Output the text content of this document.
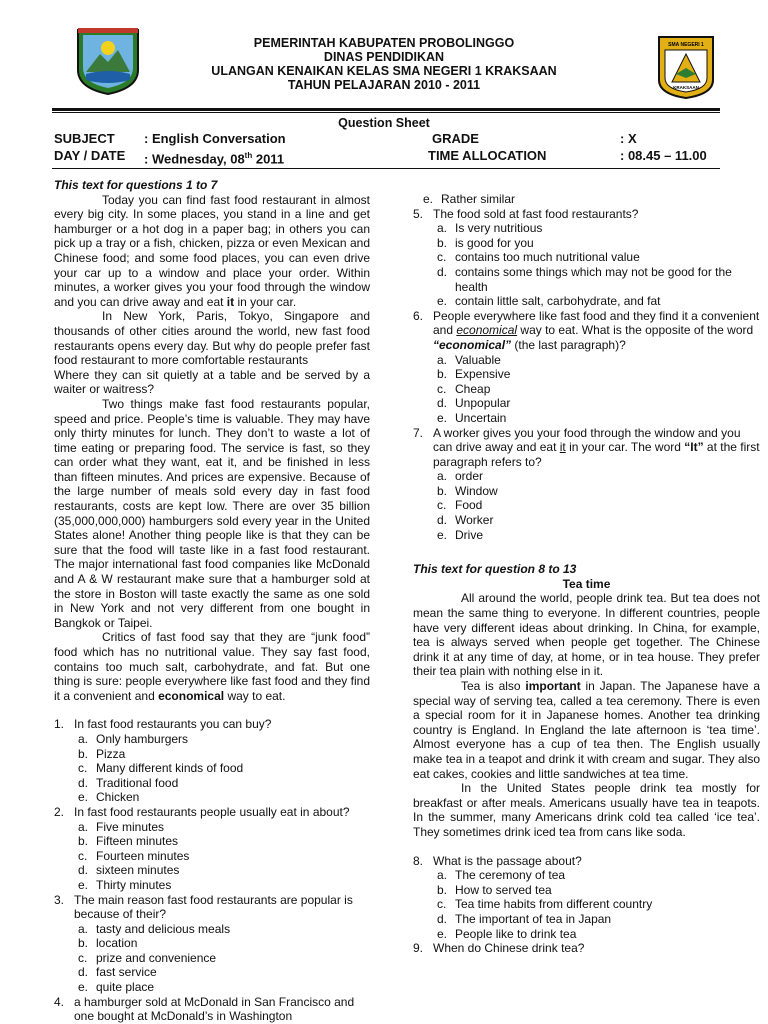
SMA NEGERI 1
KRAKSAAN
PEMERINTAH KABUPATEN PROBOLINGGO
DINAS PENDIDIKAN
ULANGAN KENAIKAN KELAS SMA NEGERI 1 KRAKSAAN
TAHUN PELAJARAN 2010 - 2011
Question Sheet
SUBJECT : English Conversation
DAY / DATE : Wednesday, 08th 2011
GRADE	: X
TIME ALLOCATION	: 08.45 – 11.00
This text for questions 1 to 7

Today you can find fast food restaurant in almost every big city. In some places, you stand in a line and get hamburger or a hot dog in a paper bag; in others you can pick up a tray or a fish, chicken, pizza or even Mexican and Chinese food; and some food places, you can even drive your car up to a window and place your order. Within minutes, a worker gives you your food through the window and you can drive away and eat it in your car.

In New York, Paris, Tokyo, Singapore and thousands of other cities around the world, new fast food restaurants opens every day. But why do people prefer fast food restaurant to more comfortable restaurants

Where they can sit quietly at a table and be served by a waiter or waitress?

Two things make fast food restaurants popular, speed and price. People’s time is valuable. They may have only thirty minutes for lunch. They don’t to waste a lot of time eating or preparing food. The service is fast, so they can order what they want, eat it, and be finished in less than fifteen minutes. And prices are expensive. Because of the large number of meals sold every day in fast food restaurants, costs are kept low. There are over 35 billion (35,000,000,000) hamburgers sold every year in the United States alone! Another thing people like is that they can be sure that the food will taste like in a fast food restaurant. The major international fast food companies like McDonald and A & W restaurant make sure that a hamburger sold at the store in Boston will taste exactly the same as one sold in New York and not very different from one bought in Bangkok or Taipei.

Critics of fast food say that they are “junk food” food which has no nutritional value. They say fast food, contains too much salt, carbohydrate, and fat. But one thing is sure: people everywhere like fast food and they find it a convenient and economical way to eat.

1. In fast food restaurants you can buy?
a. Only hamburgers
b. Pizza
c. Many different kinds of food
d. Traditional food
e. Chicken
2. In fast food restaurants people usually eat in about?
a. Five minutes
b. Fifteen minutes
c. Fourteen minutes
d. sixteen minutes
e. Thirty minutes
3. The main reason fast food restaurants are popular is because of their?
a. tasty and delicious meals
b. location
c. prize and convenience
d. fast service
e. quite place
4. a hamburger sold at McDonald in San Francisco and one bought at McDonald’s in Washington
e. Rather similar
5. The food sold at fast food restaurants?
a. Is very nutritious
b. is good for you
c. contains too much nutritional value
d. contains some things which may not be good for the health
e. contain little salt, carbohydrate, and fat
6. People everywhere like fast food and they find it a convenient and economical way to eat. What is the opposite of the word “economical” (the last paragraph)?
a. Valuable
b. Expensive
c. Cheap
d. Unpopular
e. Uncertain
7. A worker gives you your food through the window and you can drive away and eat it in your car. The word “It” at the first paragraph refers to?
a. order
b. Window
c. Food
d. Worker
e. Drive
This text for question 8 to 13
Tea time

All around the world, people drink tea. But tea does not mean the same thing to everyone. In different countries, people have very different ideas about drinking. In China, for example, tea is always served when people get together. The Chinese drink it at any time of day, at home, or in tea house. They prefer their tea plain with nothing else in it.

Tea is also important in Japan. The Japanese have a special way of serving tea, called a tea ceremony. There is even a special room for it in Japanese homes. Another tea drinking country is England. In England the late afternoon is ‘tea time’. Almost everyone has a cup of tea then. The English usually make tea in a teapot and drink it with cream and sugar. They also eat cakes, cookies and little sandwiches at tea time.

In the United States people drink tea mostly for breakfast or after meals. Americans usually have tea in teapots. In the summer, many Americans drink cold tea called ‘ice tea’. They sometimes drink iced tea from cans like soda.

8. What is the passage about?
a. The ceremony of tea
b. How to served tea
c. Tea time habits from different country
d. The important of tea in Japan
e. People like to drink tea
9. When do Chinese drink tea?
